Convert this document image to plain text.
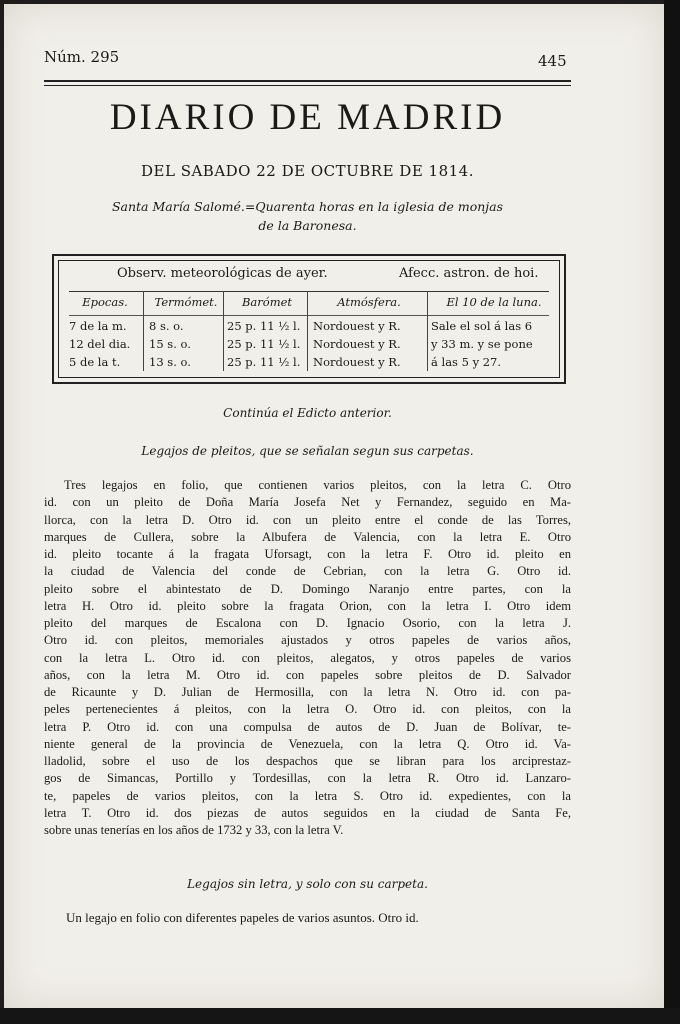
Núm. 295	445
DIARIO DE MADRID
DEL SABADO 22 DE OCTUBRE DE 1814.
Santa María Salomé.=Quarenta horas en la iglesia de monjas
de la Baronesa.
Observ. meteorológicas de ayer.	Afecc. astron. de hoi.
Epocas.
7 de la m.
12 del dia.
5 de la t.
Termómet.
8 s. o.
15 s. o.
13 s. o.
Barómet
25 p. 11 ½ l.
25 p. 11 ½ l.
25 p. 11 ½ l.
Atmósfera.
Nordouest y R.
Nordouest y R.
Nordouest y R.
El 10 de la luna.
Sale el sol á las 6
y 33 m. y se pone
á las 5 y 27.
Continúa el Edicto anterior.
Legajos de pleitos, que se señalan segun sus carpetas.
Tres legajos en folio, que contienen varios pleitos, con la letra C. Otro
id. con un pleito de Doña María Josefa Net y Fernandez, seguido en Ma-
llorca, con la letra D. Otro id. con un pleito entre el conde de las Torres,
marques de Cullera, sobre la Albufera de Valencia, con la letra E. Otro
id. pleito tocante á la fragata Uforsagt, con la letra F. Otro id. pleito en
la ciudad de Valencia del conde de Cebrian, con la letra G. Otro id.
pleito sobre el abintestato de D. Domingo Naranjo entre partes, con la
letra H. Otro id. pleito sobre la fragata Orion, con la letra I. Otro idem
pleito del marques de Escalona con D. Ignacio Osorio, con la letra J.
Otro id. con pleitos, memoriales ajustados y otros papeles de varios años,
con la letra L. Otro id. con pleitos, alegatos, y otros papeles de varios
años, con la letra M. Otro id. con papeles sobre pleitos de D. Salvador
de Ricaunte y D. Julian de Hermosilla, con la letra N. Otro id. con pa-
peles pertenecientes á pleitos, con la letra O. Otro id. con pleitos, con la
letra P. Otro id. con una compulsa de autos de D. Juan de Bolívar, te-
niente general de la provincia de Venezuela, con la letra Q. Otro id. Va-
lladolid, sobre el uso de los despachos que se libran para los arciprestaz-
gos de Simancas, Portillo y Tordesillas, con la letra R. Otro id. Lanzaro-
te, papeles de varios pleitos, con la letra S. Otro id. expedientes, con la
letra T. Otro id. dos piezas de autos seguidos en la ciudad de Santa Fe,
sobre unas tenerías en los años de 1732 y 33, con la letra V.
Legajos sin letra, y solo con su carpeta.
Un legajo en folio con diferentes papeles de varios asuntos. Otro id.
